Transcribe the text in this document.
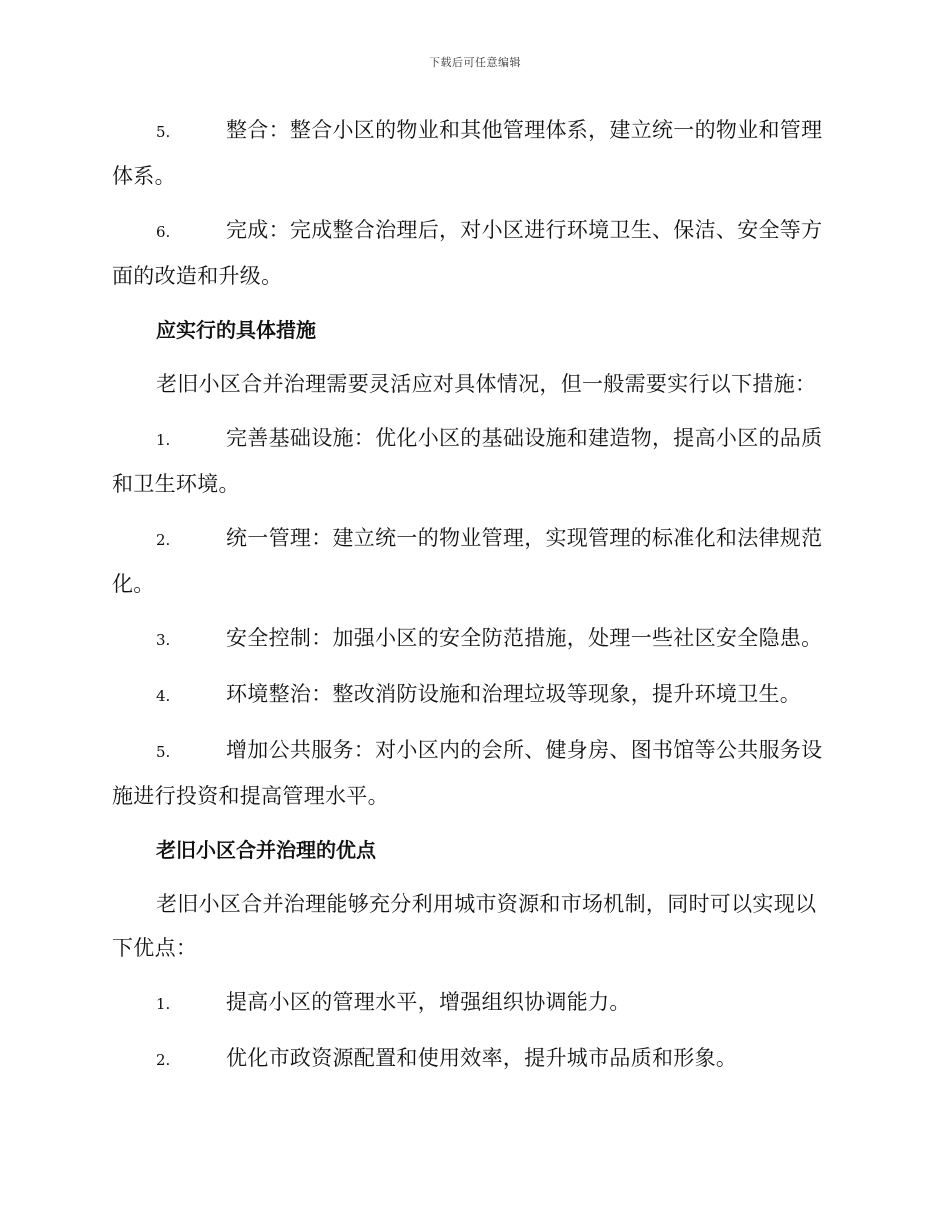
下载后可任意编辑
5.	整合：整合小区的物业和其他管理体系，建立统一的物业和管理体系。
6.	完成：完成整合治理后，对小区进行环境卫生、保洁、安全等方面的改造和升级。
应实行的具体措施
老旧小区合并治理需要灵活应对具体情况，但一般需要实行以下措施：
1.	完善基础设施：优化小区的基础设施和建造物，提高小区的品质和卫生环境。
2.	统一管理：建立统一的物业管理，实现管理的标准化和法律规范化。
3.	安全控制：加强小区的安全防范措施，处理一些社区安全隐患。
4.	环境整治：整改消防设施和治理垃圾等现象，提升环境卫生。
5.	增加公共服务：对小区内的会所、健身房、图书馆等公共服务设施进行投资和提高管理水平。
老旧小区合并治理的优点
老旧小区合并治理能够充分利用城市资源和市场机制，同时可以实现以下优点：
1.	提高小区的管理水平，增强组织协调能力。
2.	优化市政资源配置和使用效率，提升城市品质和形象。
